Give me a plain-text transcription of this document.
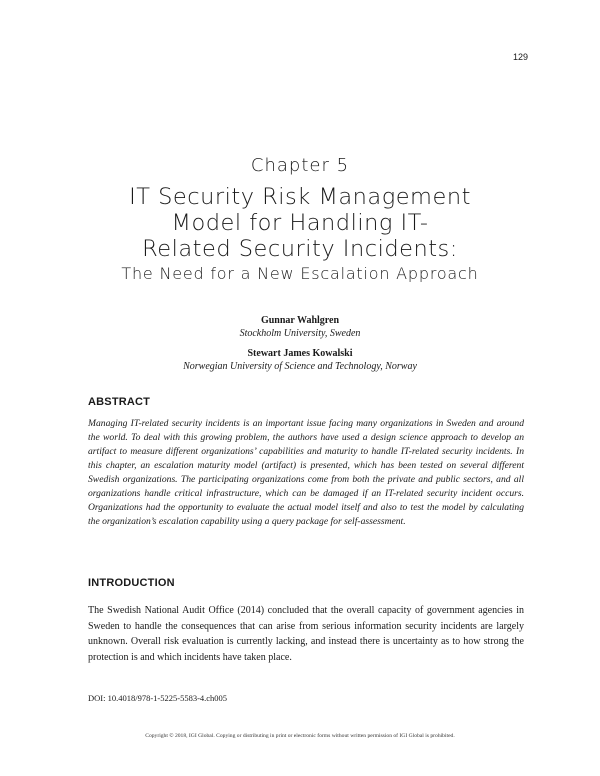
129
Chapter 5
IT Security Risk Management
Model for Handling IT-
Related Security Incidents:
The Need for a New Escalation Approach
Gunnar Wahlgren
Stockholm University, Sweden
Stewart James Kowalski
Norwegian University of Science and Technology, Norway
ABSTRACT

Managing IT-related security incidents is an important issue facing many organizations in Sweden and around the world. To deal with this growing problem, the authors have used a design science approach to develop an artifact to measure different organizations’ capabilities and maturity to handle IT-related security incidents. In this chapter, an escalation maturity model (artifact) is presented, which has been tested on several different Swedish organizations. The participating organizations come from both the private and public sectors, and all organizations handle critical infrastructure, which can be damaged if an IT-related security incident occurs. Organizations had the opportunity to evaluate the actual model itself and also to test the model by calculating the organization’s escalation capability using a query package for self-assessment.

INTRODUCTION

The Swedish National Audit Office (2014) concluded that the overall capacity of government agencies in Sweden to handle the consequences that can arise from serious information security incidents are largely unknown. Overall risk evaluation is currently lacking, and instead there is uncertainty as to how strong the protection is and which incidents have taken place.

DOI: 10.4018/978-1-5225-5583-4.ch005
Copyright © 2018, IGI Global. Copying or distributing in print or electronic forms without written permission of IGI Global is prohibited.
